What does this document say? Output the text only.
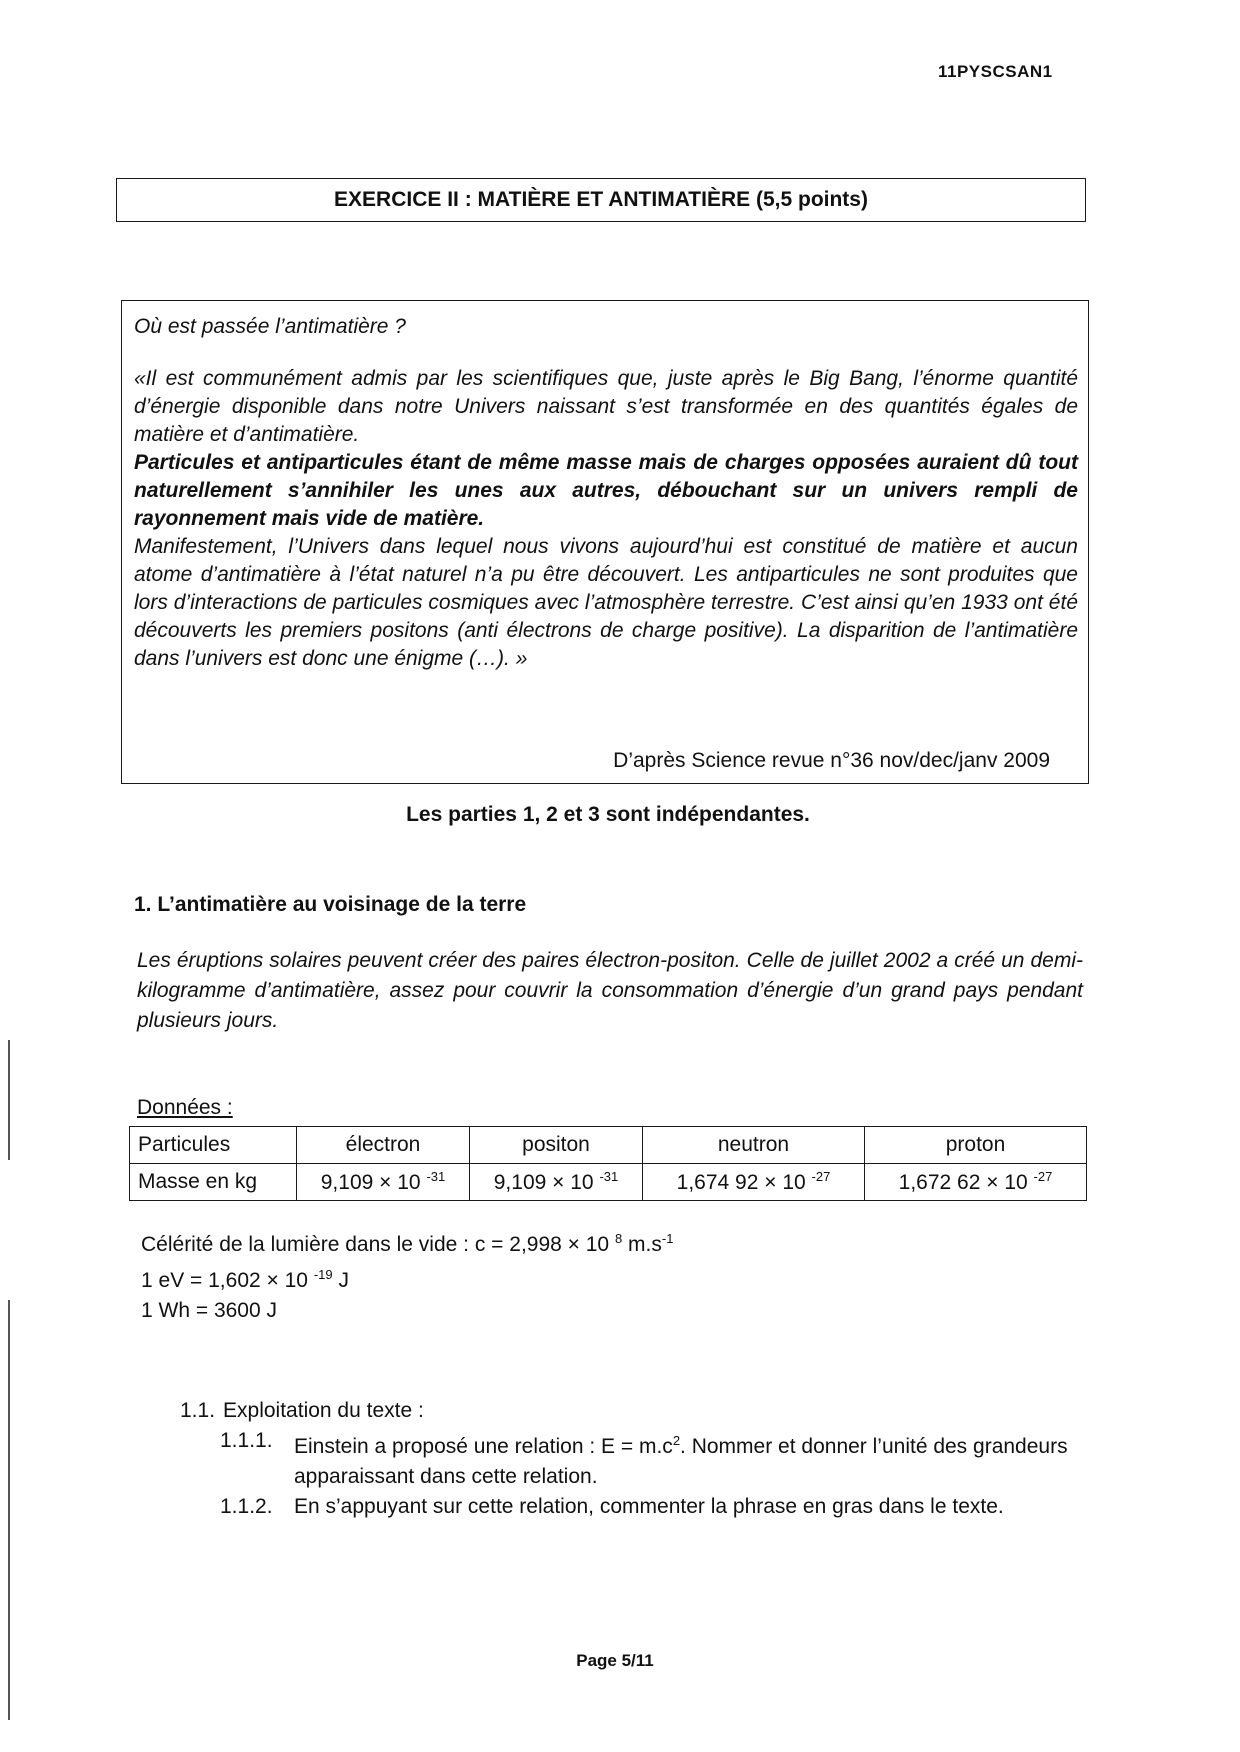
11PYSCSAN1
EXERCICE II : MATIÈRE ET ANTIMATIÈRE (5,5 points)

Où est passée l’antimatière ?

«Il est communément admis par les scientifiques que, juste après le Big Bang, l’énorme quantité d’énergie disponible dans notre Univers naissant s’est transformée en des quantités égales de matière et d’antimatière.

Particules et antiparticules étant de même masse mais de charges opposées auraient dû tout naturellement s’annihiler les unes aux autres, débouchant sur un univers rempli de rayonnement mais vide de matière.

Manifestement, l’Univers dans lequel nous vivons aujourd’hui est constitué de matière et aucun atome d’antimatière à l’état naturel n’a pu être découvert. Les antiparticules ne sont produites que lors d’interactions de particules cosmiques avec l’atmosphère terrestre. C’est ainsi qu’en 1933 ont été découverts les premiers positons (anti électrons de charge positive). La disparition de l’antimatière dans l’univers est donc une énigme (…). »

D’après Science revue n°36 nov/dec/janv 2009
Les parties 1, 2 et 3 sont indépendantes.
1. L’antimatière au voisinage de la terre
Les éruptions solaires peuvent créer des paires électron-positon. Celle de juillet 2002 a créé un demi-kilogramme d’antimatière, assez pour couvrir la consommation d’énergie d’un grand pays pendant plusieurs jours.
Données :
Particules	électron	positon	neutron	proton
Masse en kg	9,109 × 10 $^{-31}$	9,109 × 10 $^{-31}$	1,674 92 × 10 $^{-27}$	1,672 62 × 10 $^{-27}$
Célérité de la lumière dans le vide : c = 2,998 × 10 $^8$ $m.s^{-1}$
1 eV = 1,602 × 10 $^{-19}$ J
1 Wh = 3600 J
1.1. Exploitation du texte :
1.1.1.	Einstein a proposé une relation : $E = m.c^2$. Nommer et donner l’unité des grandeurs apparaissant dans cette relation.
1.1.2.	En s’appuyant sur cette relation, commenter la phrase en gras dans le texte.
Page 5/11
